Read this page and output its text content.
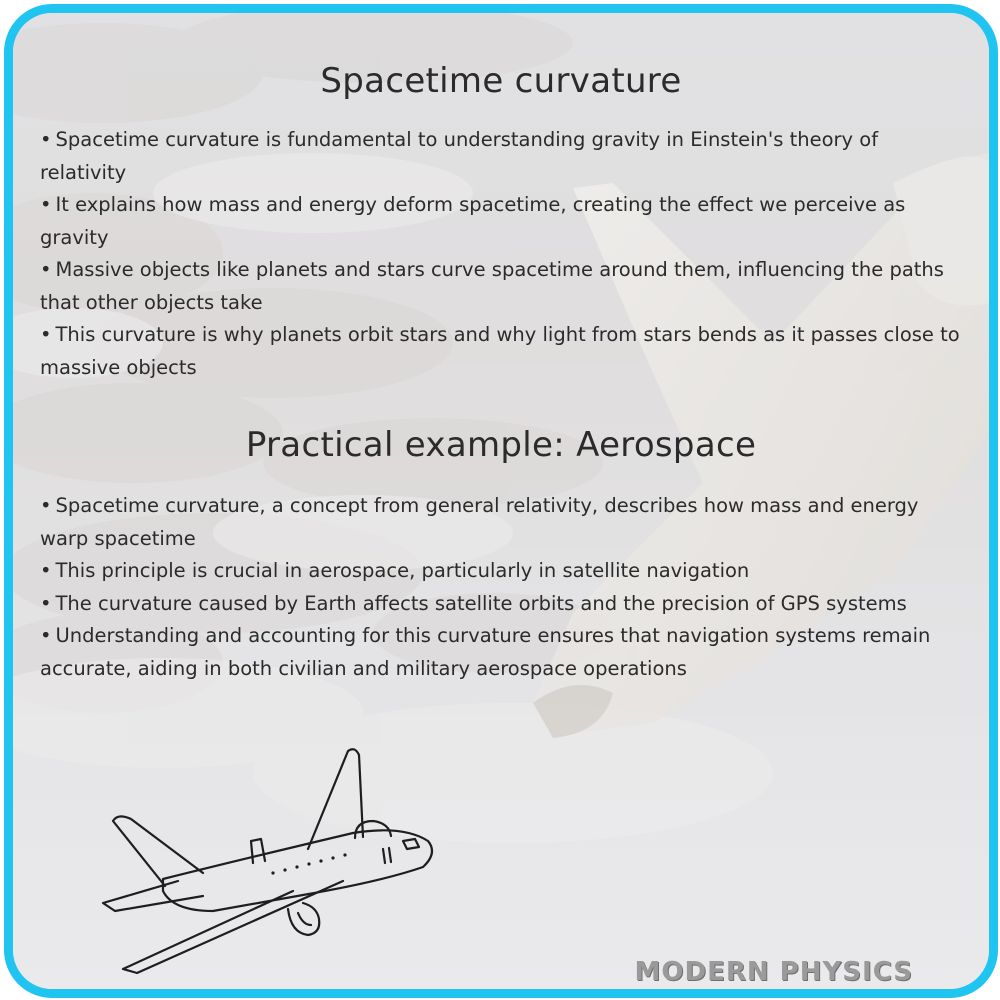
Spacetime curvature
• Spacetime curvature is fundamental to understanding gravity in Einstein's theory of relativity
• It explains how mass and energy deform spacetime, creating the effect we perceive as gravity
• Massive objects like planets and stars curve spacetime around them, influencing the paths that other objects take
• This curvature is why planets orbit stars and why light from stars bends as it passes close to massive objects
Practical example: Aerospace
• Spacetime curvature, a concept from general relativity, describes how mass and energy warp spacetime
• This principle is crucial in aerospace, particularly in satellite navigation
• The curvature caused by Earth affects satellite orbits and the precision of GPS systems
• Understanding and accounting for this curvature ensures that navigation systems remain accurate, aiding in both civilian and military aerospace operations
MODERN PHYSICS
